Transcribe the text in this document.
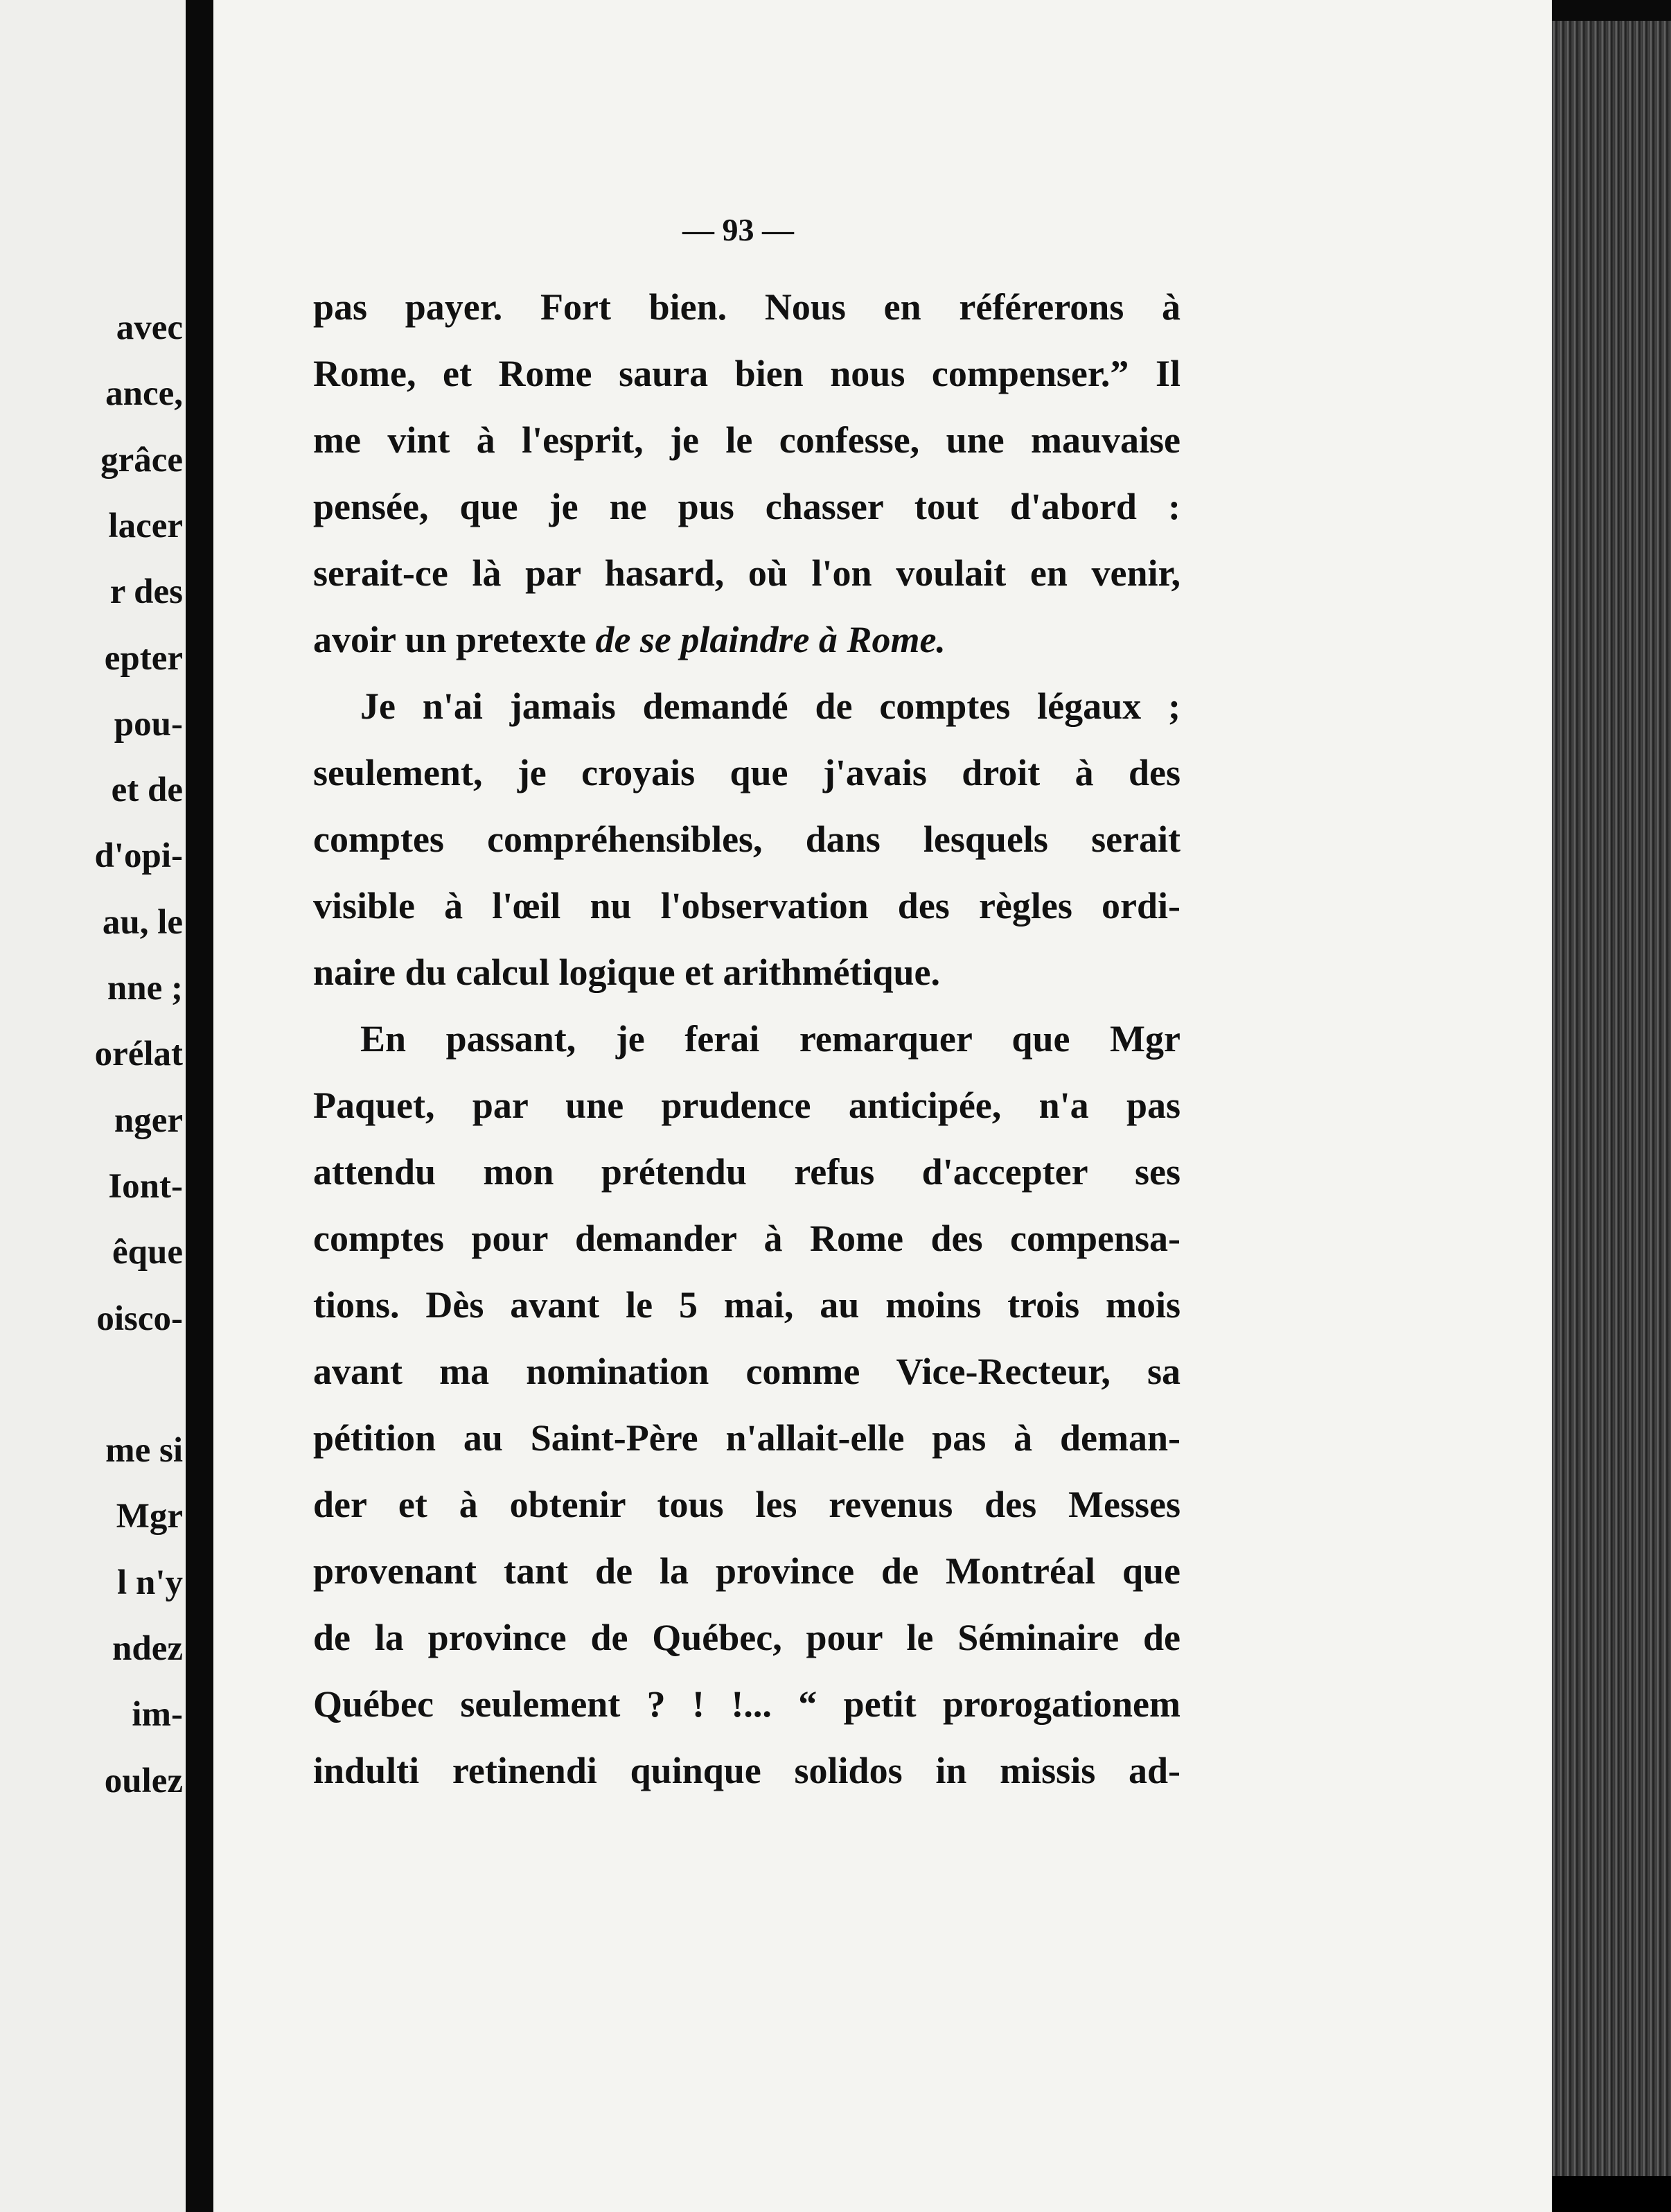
avec
ance,
grâce
lacer
r des
epter
pou-
et de
d'opi-
au, le
nne ;
orélat
nger
Iont-
êque
oisco-
me si
Mgr
l n'y
ndez
im-
oulez
— 93 —

pas payer. Fort bien. Nous en référerons à
Rome, et Rome saura bien nous compenser.” Il
me vint à l'esprit, je le confesse, une mauvaise
pensée, que je ne pus chasser tout d'abord :
serait-ce là par hasard, où l'on voulait en venir,
avoir un pretexte de se plaindre à Rome.

Je n'ai jamais demandé de comptes légaux ;
seulement, je croyais que j'avais droit à des
comptes compréhensibles, dans lesquels serait
visible à l'œil nu l'observation des règles ordi-
naire du calcul logique et arithmétique.

En passant, je ferai remarquer que Mgr
Paquet, par une prudence anticipée, n'a pas
attendu mon prétendu refus d'accepter ses
comptes pour demander à Rome des compensa-
tions. Dès avant le 5 mai, au moins trois mois
avant ma nomination comme Vice-Recteur, sa
pétition au Saint-Père n'allait-elle pas à deman-
der et à obtenir tous les revenus des Messes
provenant tant de la province de Montréal que
de la province de Québec, pour le Séminaire de
Québec seulement ? ! !... “ petit prorogationem
indulti retinendi quinque solidos in missis ad-
